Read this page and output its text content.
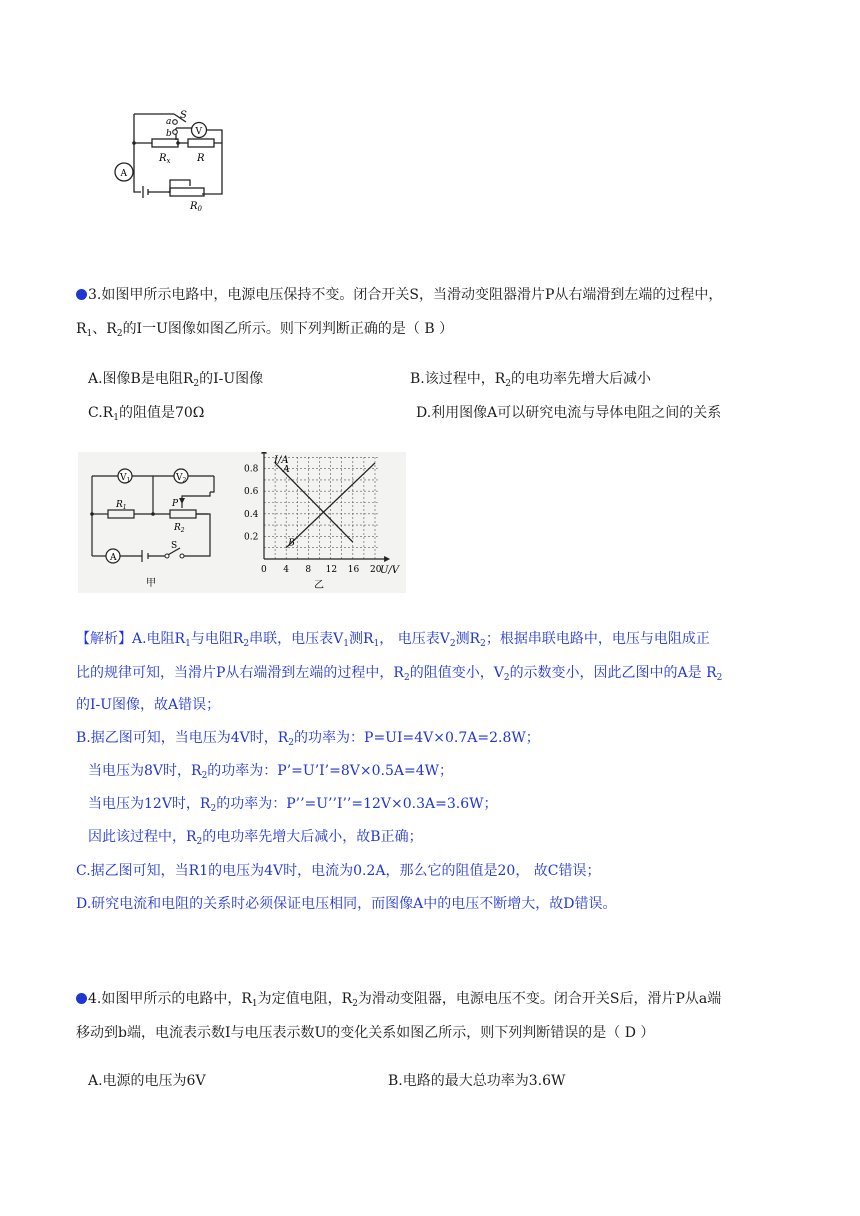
S
a
b	V
A
$R_x$	R
$R_0$
3.如图甲所示电路中，电源电压保持不变。闭合开关S，当滑动变阻器滑片P从右端滑到左端的过程中，
$R_1$、$R_2$的I一U图像如图乙所示。则下列判断正确的是（ B ）
A.图像B是电阻$R_2$的I-U图像	B.该过程中，$R_2$的电功率先增大后减小
$C.R_1$的阻值是70Ω	D.利用图像A可以研究电流与导体电阻之间的关系
$V_1$	$V_2$
A
$R_1$
$R_2$
P
S
甲
A
B
0 4 8 12 16 20
0.2
0.4
0.6
0.8
I/A
U/V
乙
【解析】A.电阻$R_1$与电阻$R_2$串联，电压表$V_1$测$R_1$， 电压表$V_2$测$R_2$；根据串联电路中，电压与电阻成正
比的规律可知，当滑片P从右端滑到左端的过程中，$R_2$的阻值变小，$V_2$的示数变小，因此乙图中的A是 $R_2$
的I-U图像，故A错误；
B.据乙图可知，当电压为4V时，$R_2$的功率为：P=UI=4V×0.7A=2.8W；
当电压为8V时，$R_2$的功率为：P’=U’I’=8V×0.5A=4W；
当电压为12V时，$R_2$的功率为：P’’=U’’I’’=12V×0.3A=3.6W；
因此该过程中，$R_2$的电功率先增大后减小，故B正确；
C.据乙图可知，当R1的电压为4V时，电流为0.2A，那么它的阻值是20， 故C错误；
D.研究电流和电阻的关系时必须保证电压相同，而图像A中的电压不断增大，故D错误。
4.如图甲所示的电路中，$R_1$为定值电阻，$R_2$为滑动变阻器，电源电压不变。闭合开关S后，滑片P从a端
移动到b端，电流表示数I与电压表示数U的变化关系如图乙所示，则下列判断错误的是（ D ）
A.电源的电压为6V	B.电路的最大总功率为3.6W
